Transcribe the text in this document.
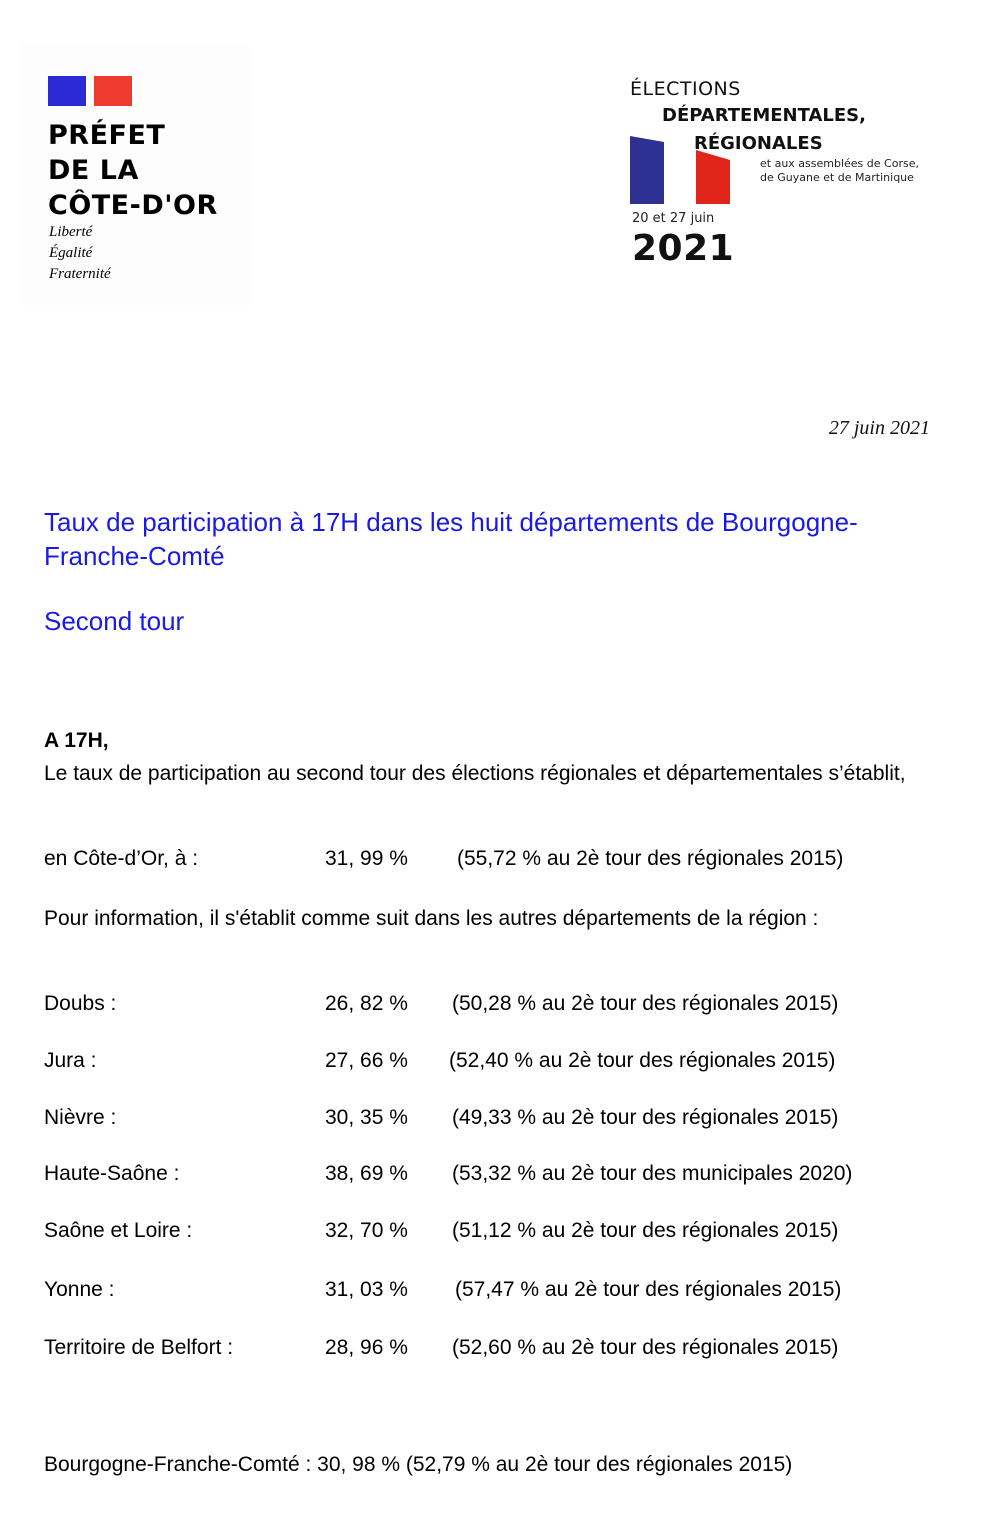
PRÉFET
DE LA
CÔTE-D'OR
Liberté
Égalité
Fraternité
ÉLECTIONS
DÉPARTEMENTALES,
RÉGIONALES
et aux assemblées de Corse,
de Guyane et de Martinique
20 et 27 juin
2021
27 juin 2021
Taux de participation à 17H dans les huit départements de Bourgogne-Franche-Comté
Second tour
A 17H,
Le taux de participation au second tour des élections régionales et départementales s’établit,
en Côte-d’Or, à :	31, 99 % (55,72 % au 2è tour des régionales 2015)
Pour information, il s'établit comme suit dans les autres départements de la région :
Doubs :	26, 82 % (50,28 % au 2è tour des régionales 2015)
Jura :	27, 66 % (52,40 % au 2è tour des régionales 2015)
Nièvre :	30, 35 % (49,33 % au 2è tour des régionales 2015)
Haute-Saône :	38, 69 % (53,32 % au 2è tour des municipales 2020)
Saône et Loire :	32, 70 % (51,12 % au 2è tour des régionales 2015)
Yonne :	31, 03 % (57,47 % au 2è tour des régionales 2015)
Territoire de Belfort :	28, 96 % (52,60 % au 2è tour des régionales 2015)
Bourgogne-Franche-Comté : 30, 98 % (52,79 % au 2è tour des régionales 2015)
